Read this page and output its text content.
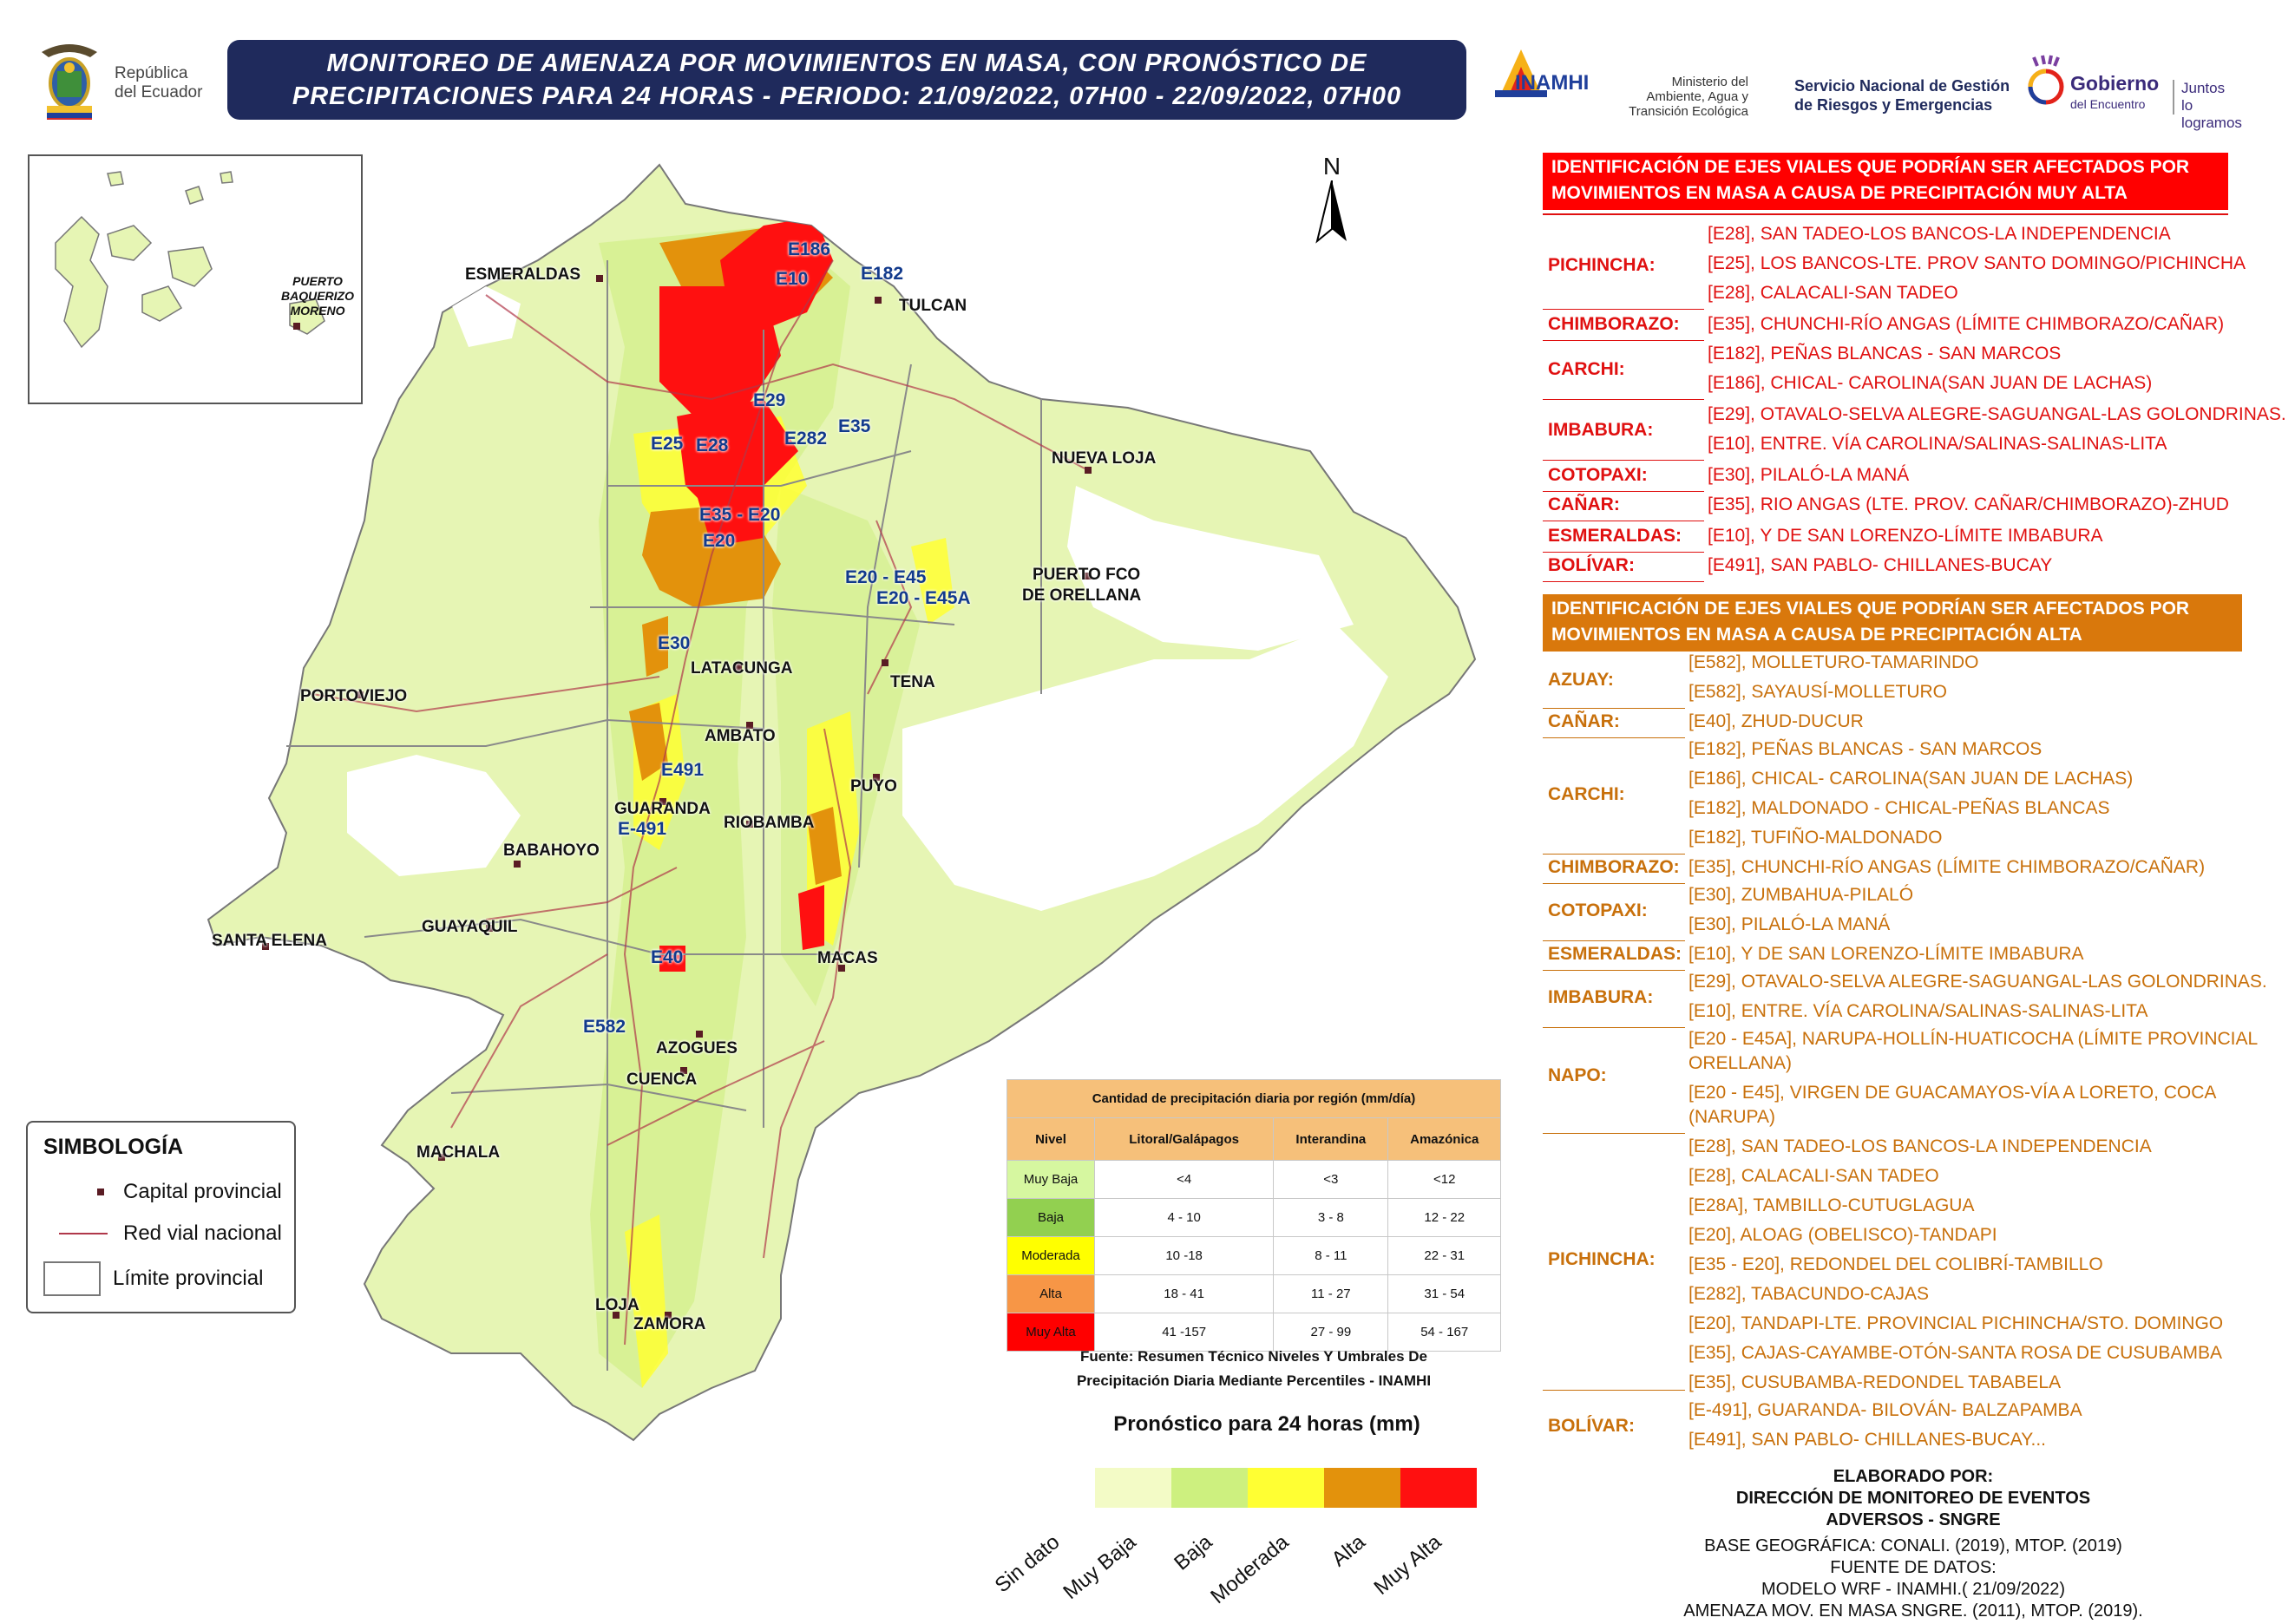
República
del Ecuador
MONITOREO DE AMENAZA POR MOVIMIENTOS EN MASA, CON PRONÓSTICO DE
PRECIPITACIONES PARA 24 HORAS - PERIODO: 21/09/2022, 07H00 - 22/09/2022, 07H00	INAMHI	Ministerio del
Ambiente, Agua y
Transición Ecológica
Servicio Nacional de Gestión
de Riesgos y Emergencias
Gobierno
del Encuentro
Juntos
lo logramos
PUERTO
BAQUERIZO
MORENO
N
ESMERALDAS
TULCAN
NUEVA LOJA
PUERTO FCO
DE ORELLANA
PORTOVIEJO
LATACUNGA
TENA
AMBATO
PUYO
GUARANDA
RIOBAMBA
BABAHOYO
SANTA ELENA
GUAYAQUIL
MACAS
AZOGUES
CUENCA
MACHALA
LOJA
ZAMORA
E186
E10	E182
E29
E35
E25 E28	E282
E35 - E20
E20
E20 - E45
E20 - E45A
E30
E491
E-491
E40
E582
SIMBOLOGÍA
Capital provincial
Red vial nacional
Límite provincial
Cantidad de precipitación diaria por región (mm/día)			
Nivel	Litoral/Galápagos	Interandina	Amazónica
Muy Baja	<4	<3	<12
Baja	4 - 10	3 - 8	12 - 22
Moderada	10 -18	8 - 11	22 - 31
Alta	18 - 41	11 - 27	31 - 54
Muy Alta	41 -157	27 - 99	54 - 167
Fuente: Resumen Técnico Niveles Y Umbrales De
Precipitación Diaria Mediante Percentiles - INAMHI
Pronóstico para 24 horas (mm)
Sin dato
Muy Baja Baja
Moderada Alta Muy Alta
IDENTIFICACIÓN DE EJES VIALES QUE PODRÍAN SER AFECTADOS POR
MOVIMIENTOS EN MASA A CAUSA DE PRECIPITACIÓN MUY ALTA
PICHINCHA:
[E28], SAN TADEO-LOS BANCOS-LA INDEPENDENCIA
[E25], LOS BANCOS-LTE. PROV SANTO DOMINGO/PICHINCHA
[E28], CALACALI-SAN TADEO
CHIMBORAZO: [E35], CHUNCHI-RÍO ANGAS (LÍMITE CHIMBORAZO/CAÑAR)
CARCHI:
[E182], PEÑAS BLANCAS - SAN MARCOS
[E186], CHICAL- CAROLINA(SAN JUAN DE LACHAS)
IMBABURA:
[E29], OTAVALO-SELVA ALEGRE-SAGUANGAL-LAS GOLONDRINAS.
[E10], ENTRE. VÍA CAROLINA/SALINAS-SALINAS-LITA
COTOPAXI:	[E30], PILALÓ-LA MANÁ
CAÑAR:	[E35], RIO ANGAS (LTE. PROV. CAÑAR/CHIMBORAZO)-ZHUD
ESMERALDAS: [E10], Y DE SAN LORENZO-LÍMITE IMBABURA
BOLÍVAR:	[E491], SAN PABLO- CHILLANES-BUCAY
IDENTIFICACIÓN DE EJES VIALES QUE PODRÍAN SER AFECTADOS POR
MOVIMIENTOS EN MASA A CAUSA DE PRECIPITACIÓN ALTA
AZUAY:
[E582], MOLLETURO-TAMARINDO
[E582], SAYAUSÍ-MOLLETURO
CAÑAR:	[E40], ZHUD-DUCUR
CARCHI:
[E182], PEÑAS BLANCAS - SAN MARCOS
[E186], CHICAL- CAROLINA(SAN JUAN DE LACHAS)
[E182], MALDONADO - CHICAL-PEÑAS BLANCAS
[E182], TUFIÑO-MALDONADO
CHIMBORAZO: [E35], CHUNCHI-RÍO ANGAS (LÍMITE CHIMBORAZO/CAÑAR)
COTOPAXI:
[E30], ZUMBAHUA-PILALÓ
[E30], PILALÓ-LA MANÁ
ESMERALDAS: [E10], Y DE SAN LORENZO-LÍMITE IMBABURA
IMBABURA:
[E29], OTAVALO-SELVA ALEGRE-SAGUANGAL-LAS GOLONDRINAS.
[E10], ENTRE. VÍA CAROLINA/SALINAS-SALINAS-LITA
NAPO:
[E20 - E45A], NARUPA-HOLLÍN-HUATICOCHA (LÍMITE PROVINCIAL
ORELLANA)
[E20 - E45], VIRGEN DE GUACAMAYOS-VÍA A LORETO, COCA
(NARUPA)
PICHINCHA:
[E28], SAN TADEO-LOS BANCOS-LA INDEPENDENCIA
[E28], CALACALI-SAN TADEO
[E28A], TAMBILLO-CUTUGLAGUA
[E20], ALOAG (OBELISCO)-TANDAPI
[E35 - E20], REDONDEL DEL COLIBRÍ-TAMBILLO
[E282], TABACUNDO-CAJAS
[E20], TANDAPI-LTE. PROVINCIAL PICHINCHA/STO. DOMINGO
[E35], CAJAS-CAYAMBE-OTÓN-SANTA ROSA DE CUSUBAMBA
[E35], CUSUBAMBA-REDONDEL TABABELA
BOLÍVAR:
[E-491], GUARANDA- BILOVÁN- BALZAPAMBA
[E491], SAN PABLO- CHILLANES-BUCAY...
ELABORADO POR:
DIRECCIÓN DE MONITOREO DE EVENTOS
ADVERSOS - SNGRE
BASE GEOGRÁFICA: CONALI. (2019), MTOP. (2019)
FUENTE DE DATOS:
MODELO WRF - INAMHI.( 21/09/2022)
AMENAZA MOV. EN MASA SNGRE. (2011), MTOP. (2019).
